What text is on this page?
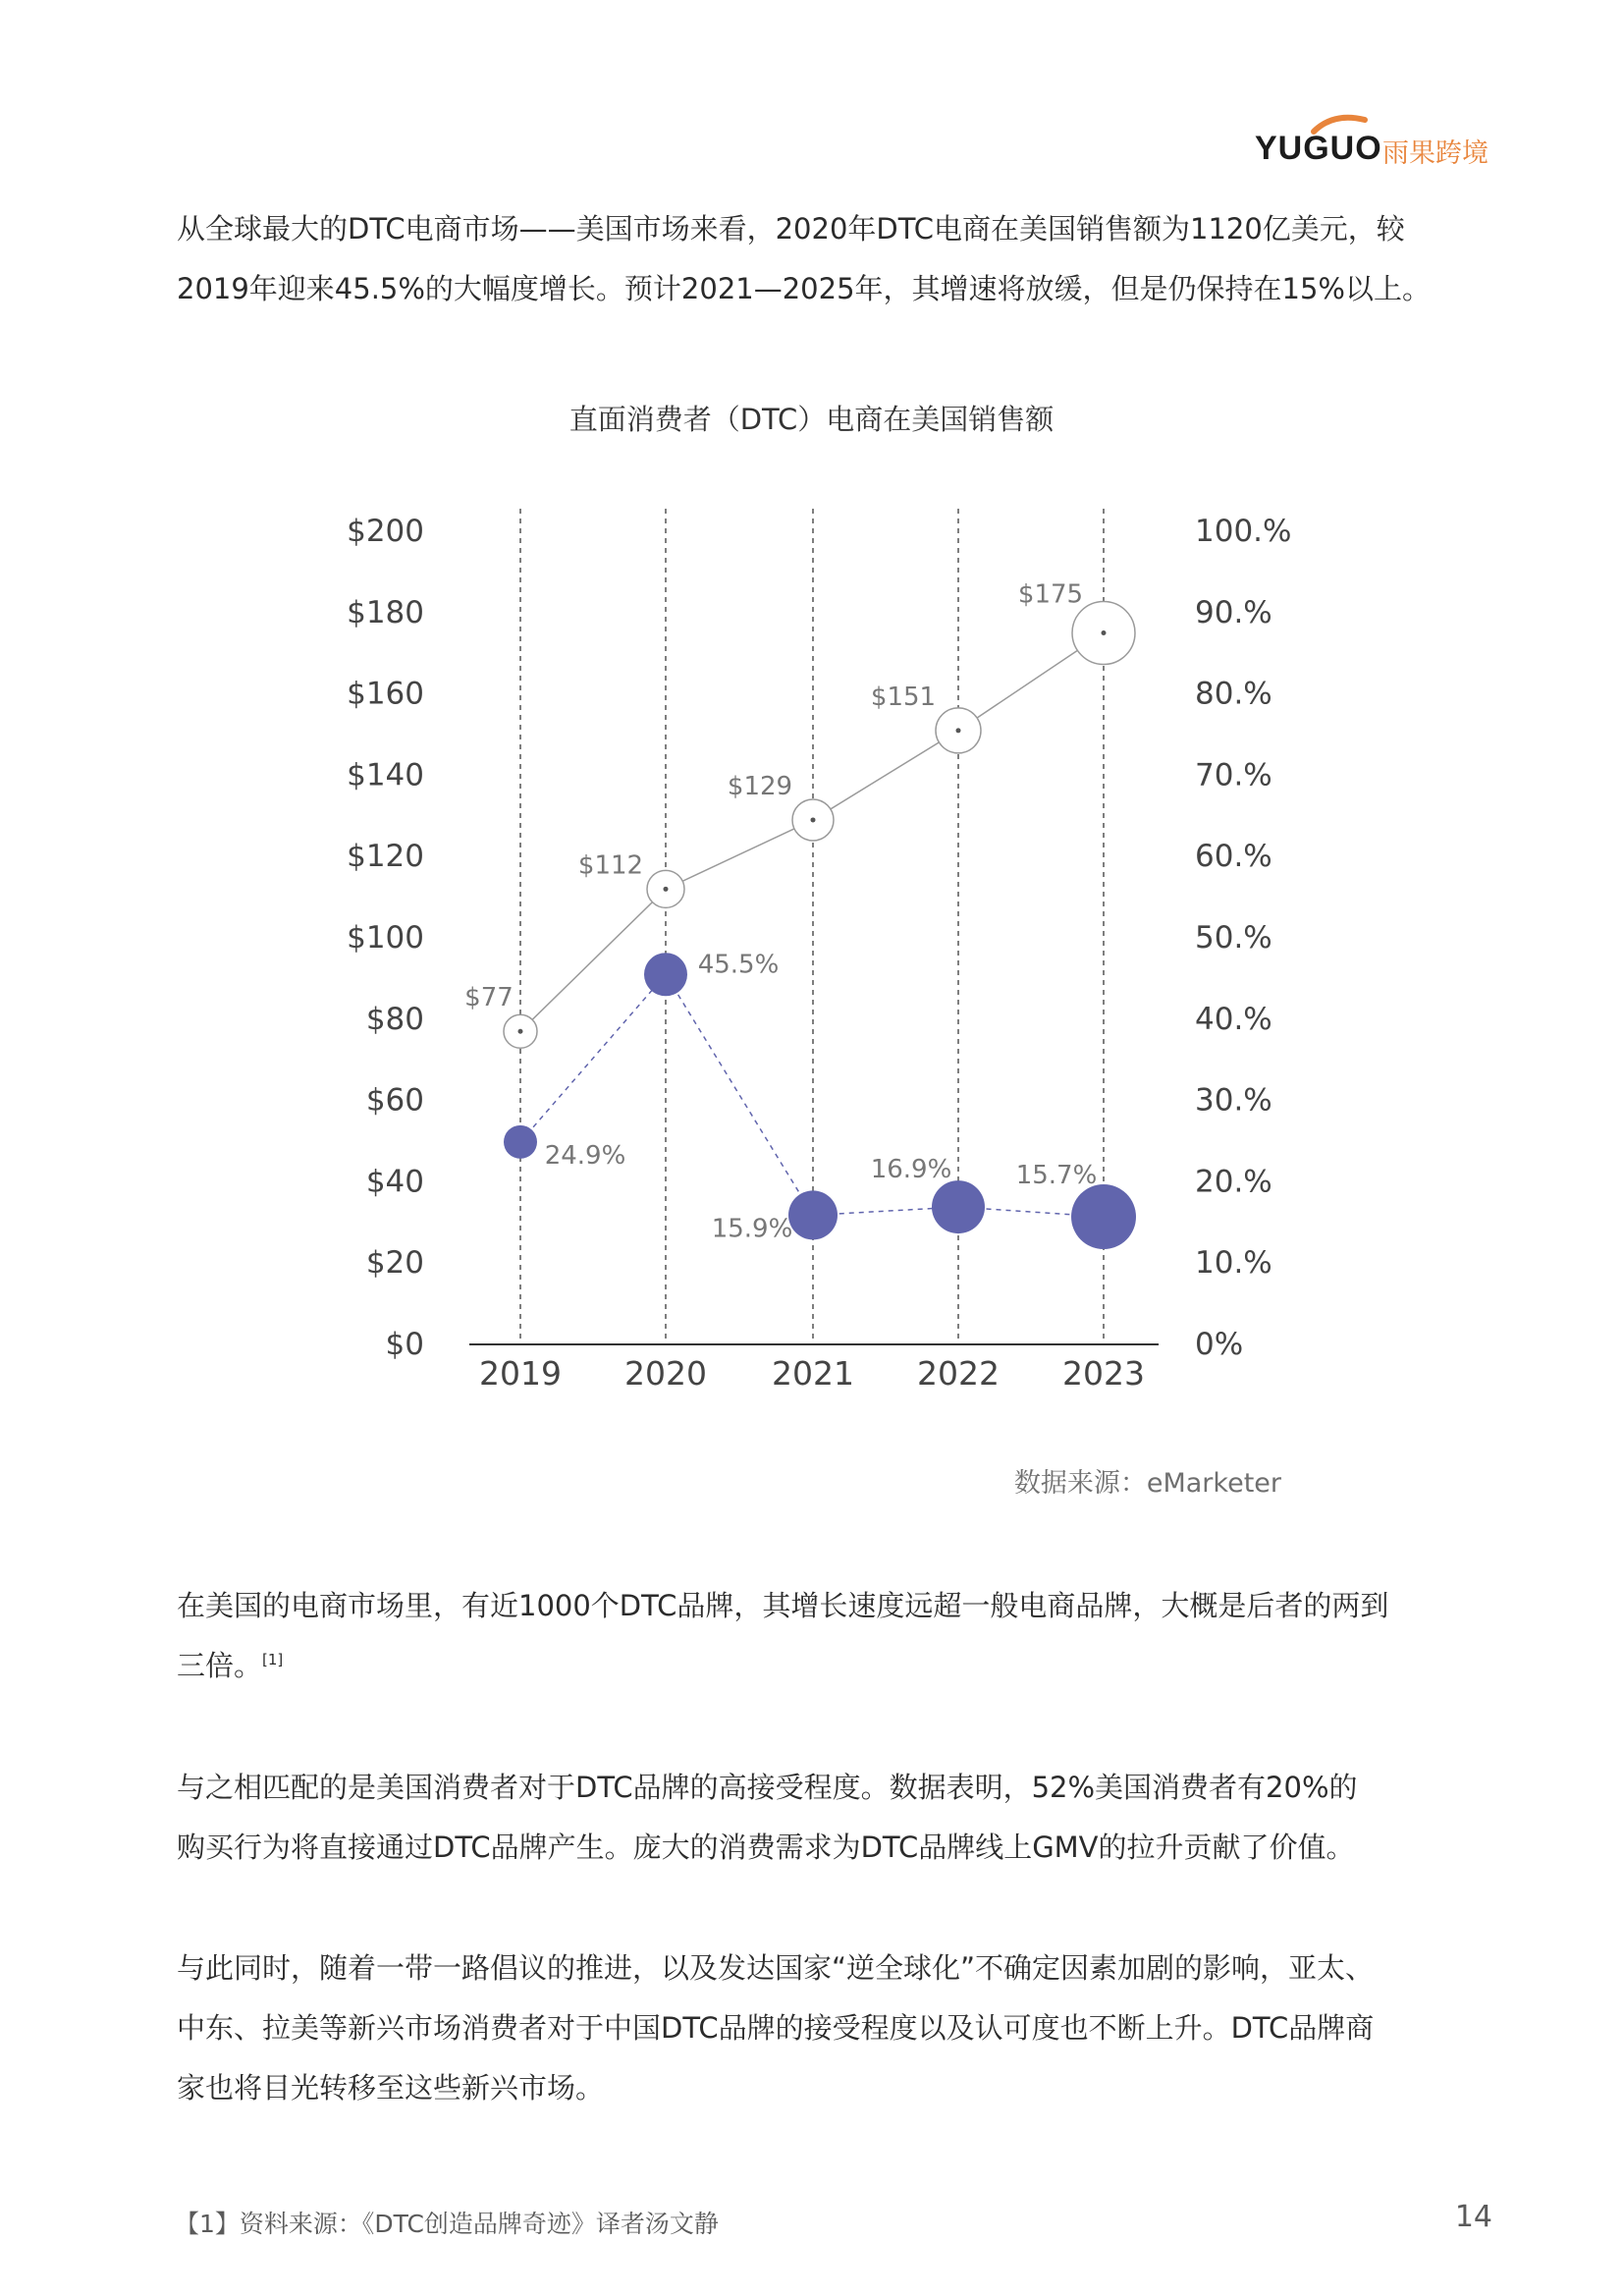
YUGUO 雨果跨境
从全球最大的DTC电商市场——美国市场来看，2020年DTC电商在美国销售额为1120亿美元，较
2019年迎来45.5%的大幅度增长。预计2021—2025年，其增速将放缓，但是仍保持在15%以上。
直面消费者（DTC）电商在美国销售额
$0
$20
$40
$60
$80
$100
$120
$140
$160
$180
$200
0%
10.%
20.%
30.%
40.%
50.%
60.%
70.%
80.%
90.%
100.%
2019 2020 2021 2022 2023
$77
$112
$129
$151
$175
24.9%
45.5%
15.9%
16.9%	15.7%
数据来源：eMarketer
在美国的电商市场里，有近1000个DTC品牌，其增长速度远超一般电商品牌，大概是后者的两到
三倍。[1]
与之相匹配的是美国消费者对于DTC品牌的高接受程度。数据表明，52%美国消费者有20%的
购买行为将直接通过DTC品牌产生。庞大的消费需求为DTC品牌线上GMV的拉升贡献了价值。
与此同时，随着一带一路倡议的推进，以及发达国家“逆全球化”不确定因素加剧的影响，亚太、
中东、拉美等新兴市场消费者对于中国DTC品牌的接受程度以及认可度也不断上升。DTC品牌商
家也将目光转移至这些新兴市场。
【1】资料来源：《DTC创造品牌奇迹》译者汤文静	14
